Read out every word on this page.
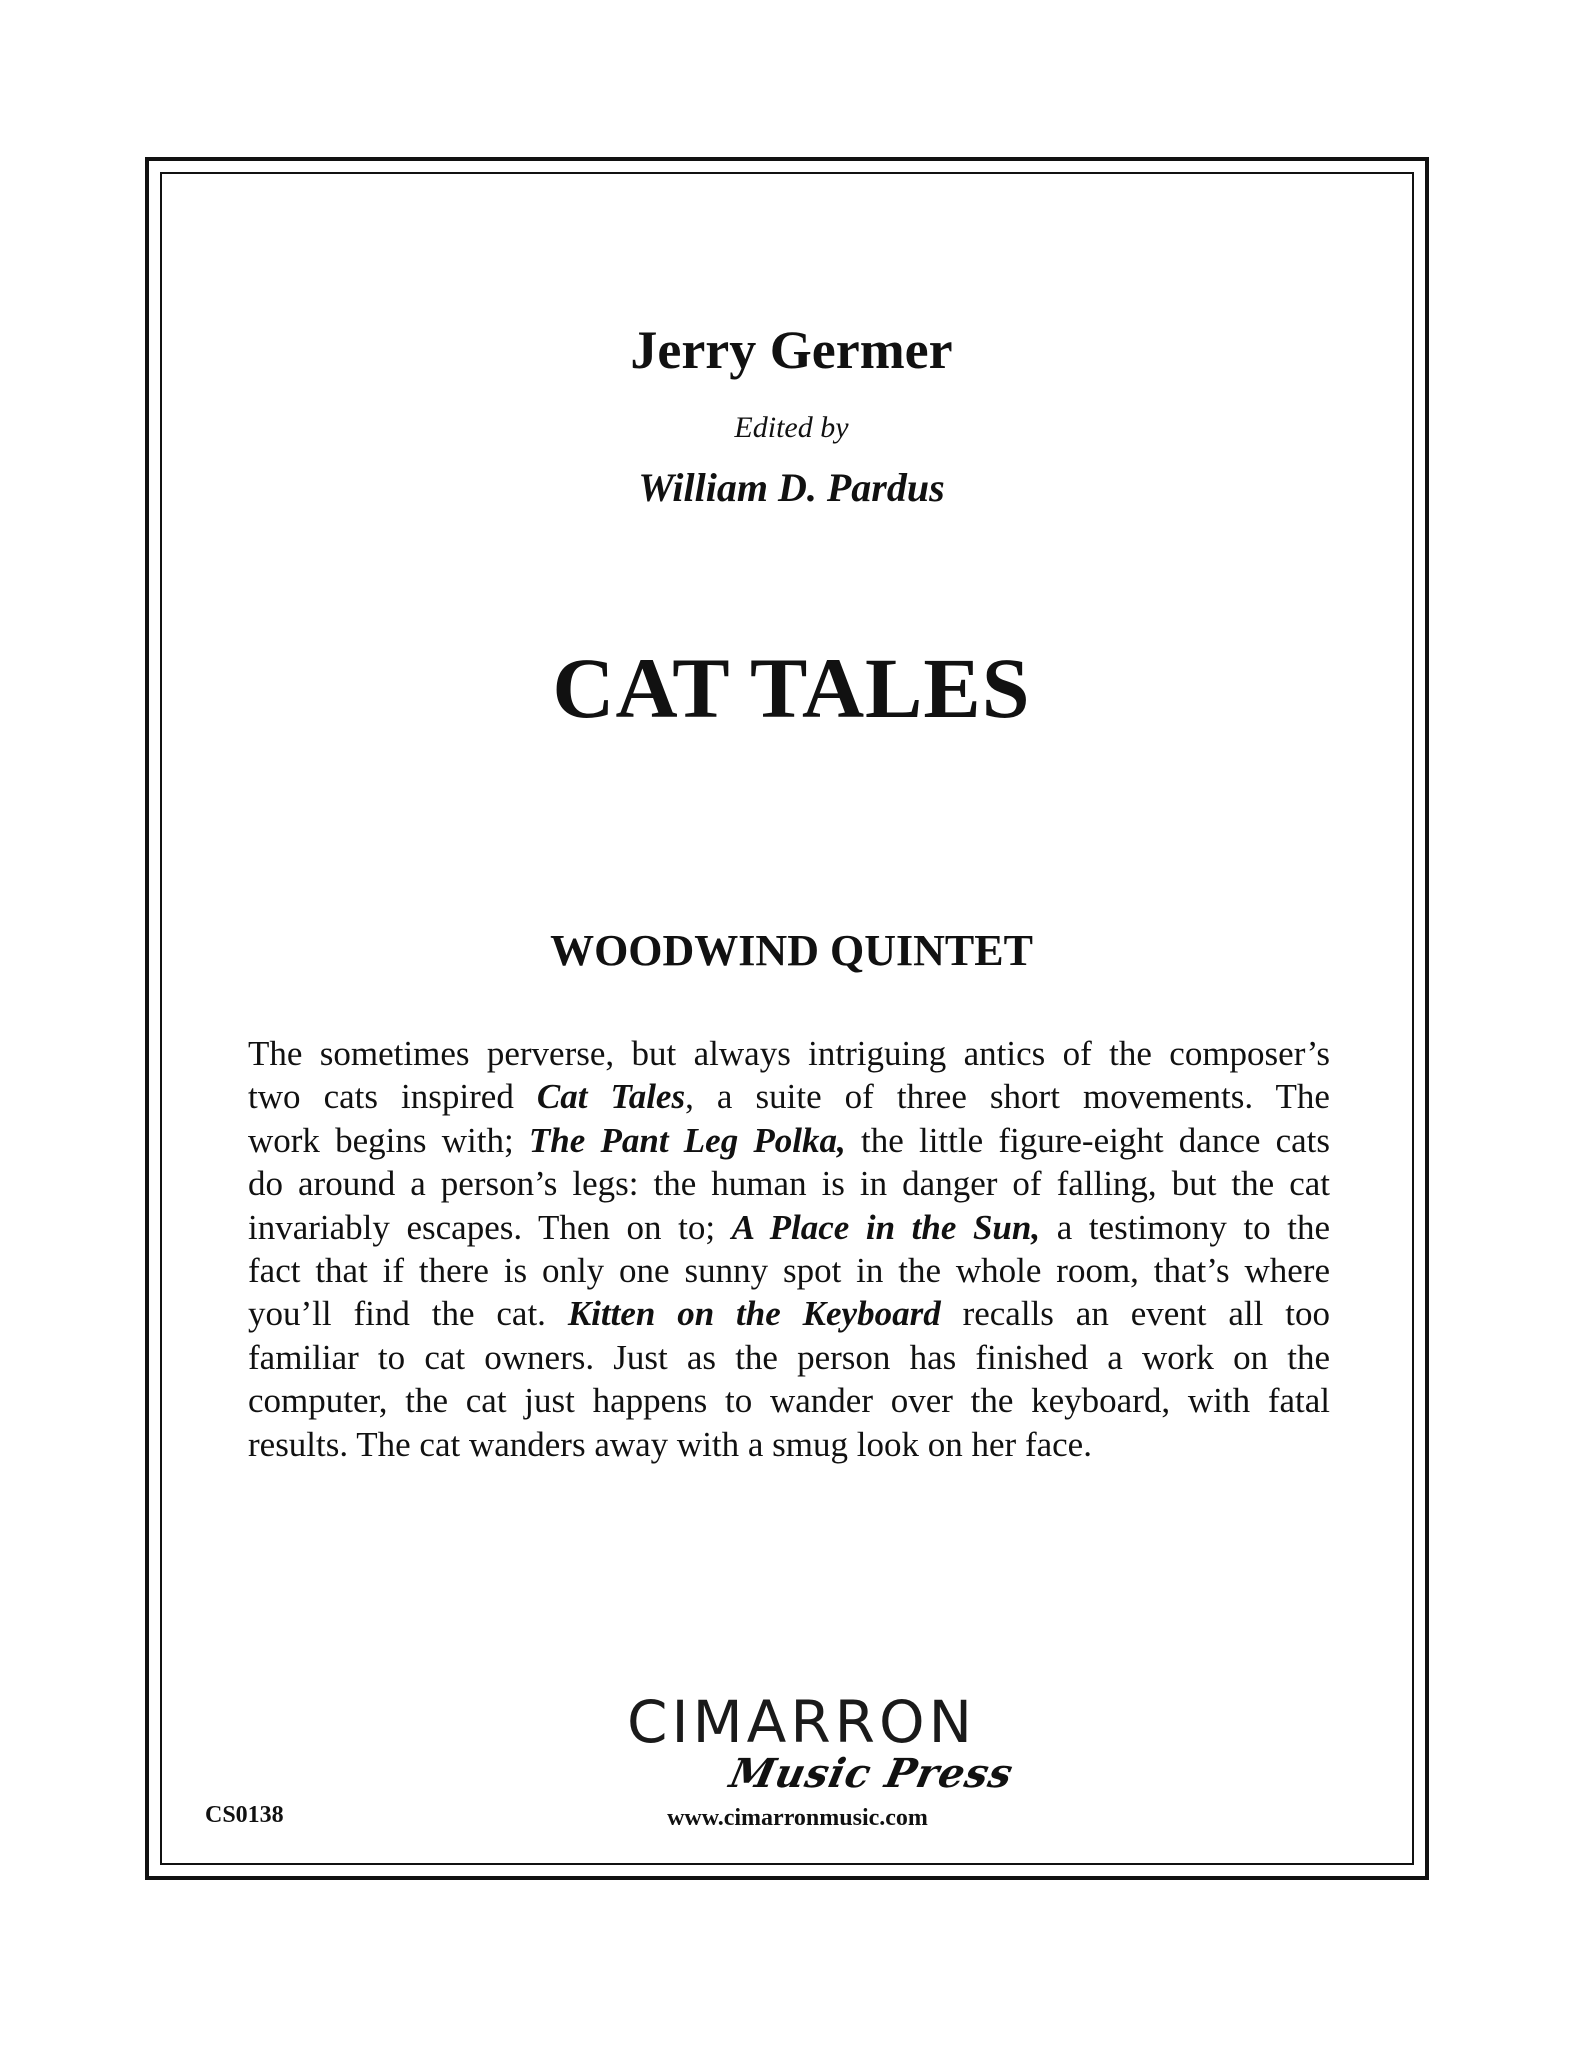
Jerry Germer
Edited by
William D. Pardus
CAT TALES
WOODWIND QUINTET
The sometimes perverse, but always intriguing antics of the composer’s
two cats inspired Cat Tales, a suite of three short movements. The
work begins with; The Pant Leg Polka, the little figure-eight dance cats
do around a person’s legs: the human is in danger of falling, but the cat
invariably escapes. Then on to; A Place in the Sun, a testimony to the
fact that if there is only one sunny spot in the whole room, that’s where
you’ll find the cat. Kitten on the Keyboard recalls an event all too
familiar to cat owners. Just as the person has finished a work on the
computer, the cat just happens to wander over the keyboard, with fatal
results. The cat wanders away with a smug look on her face.
CIMARRON
Music Press
CS0138	www.cimarronmusic.com
